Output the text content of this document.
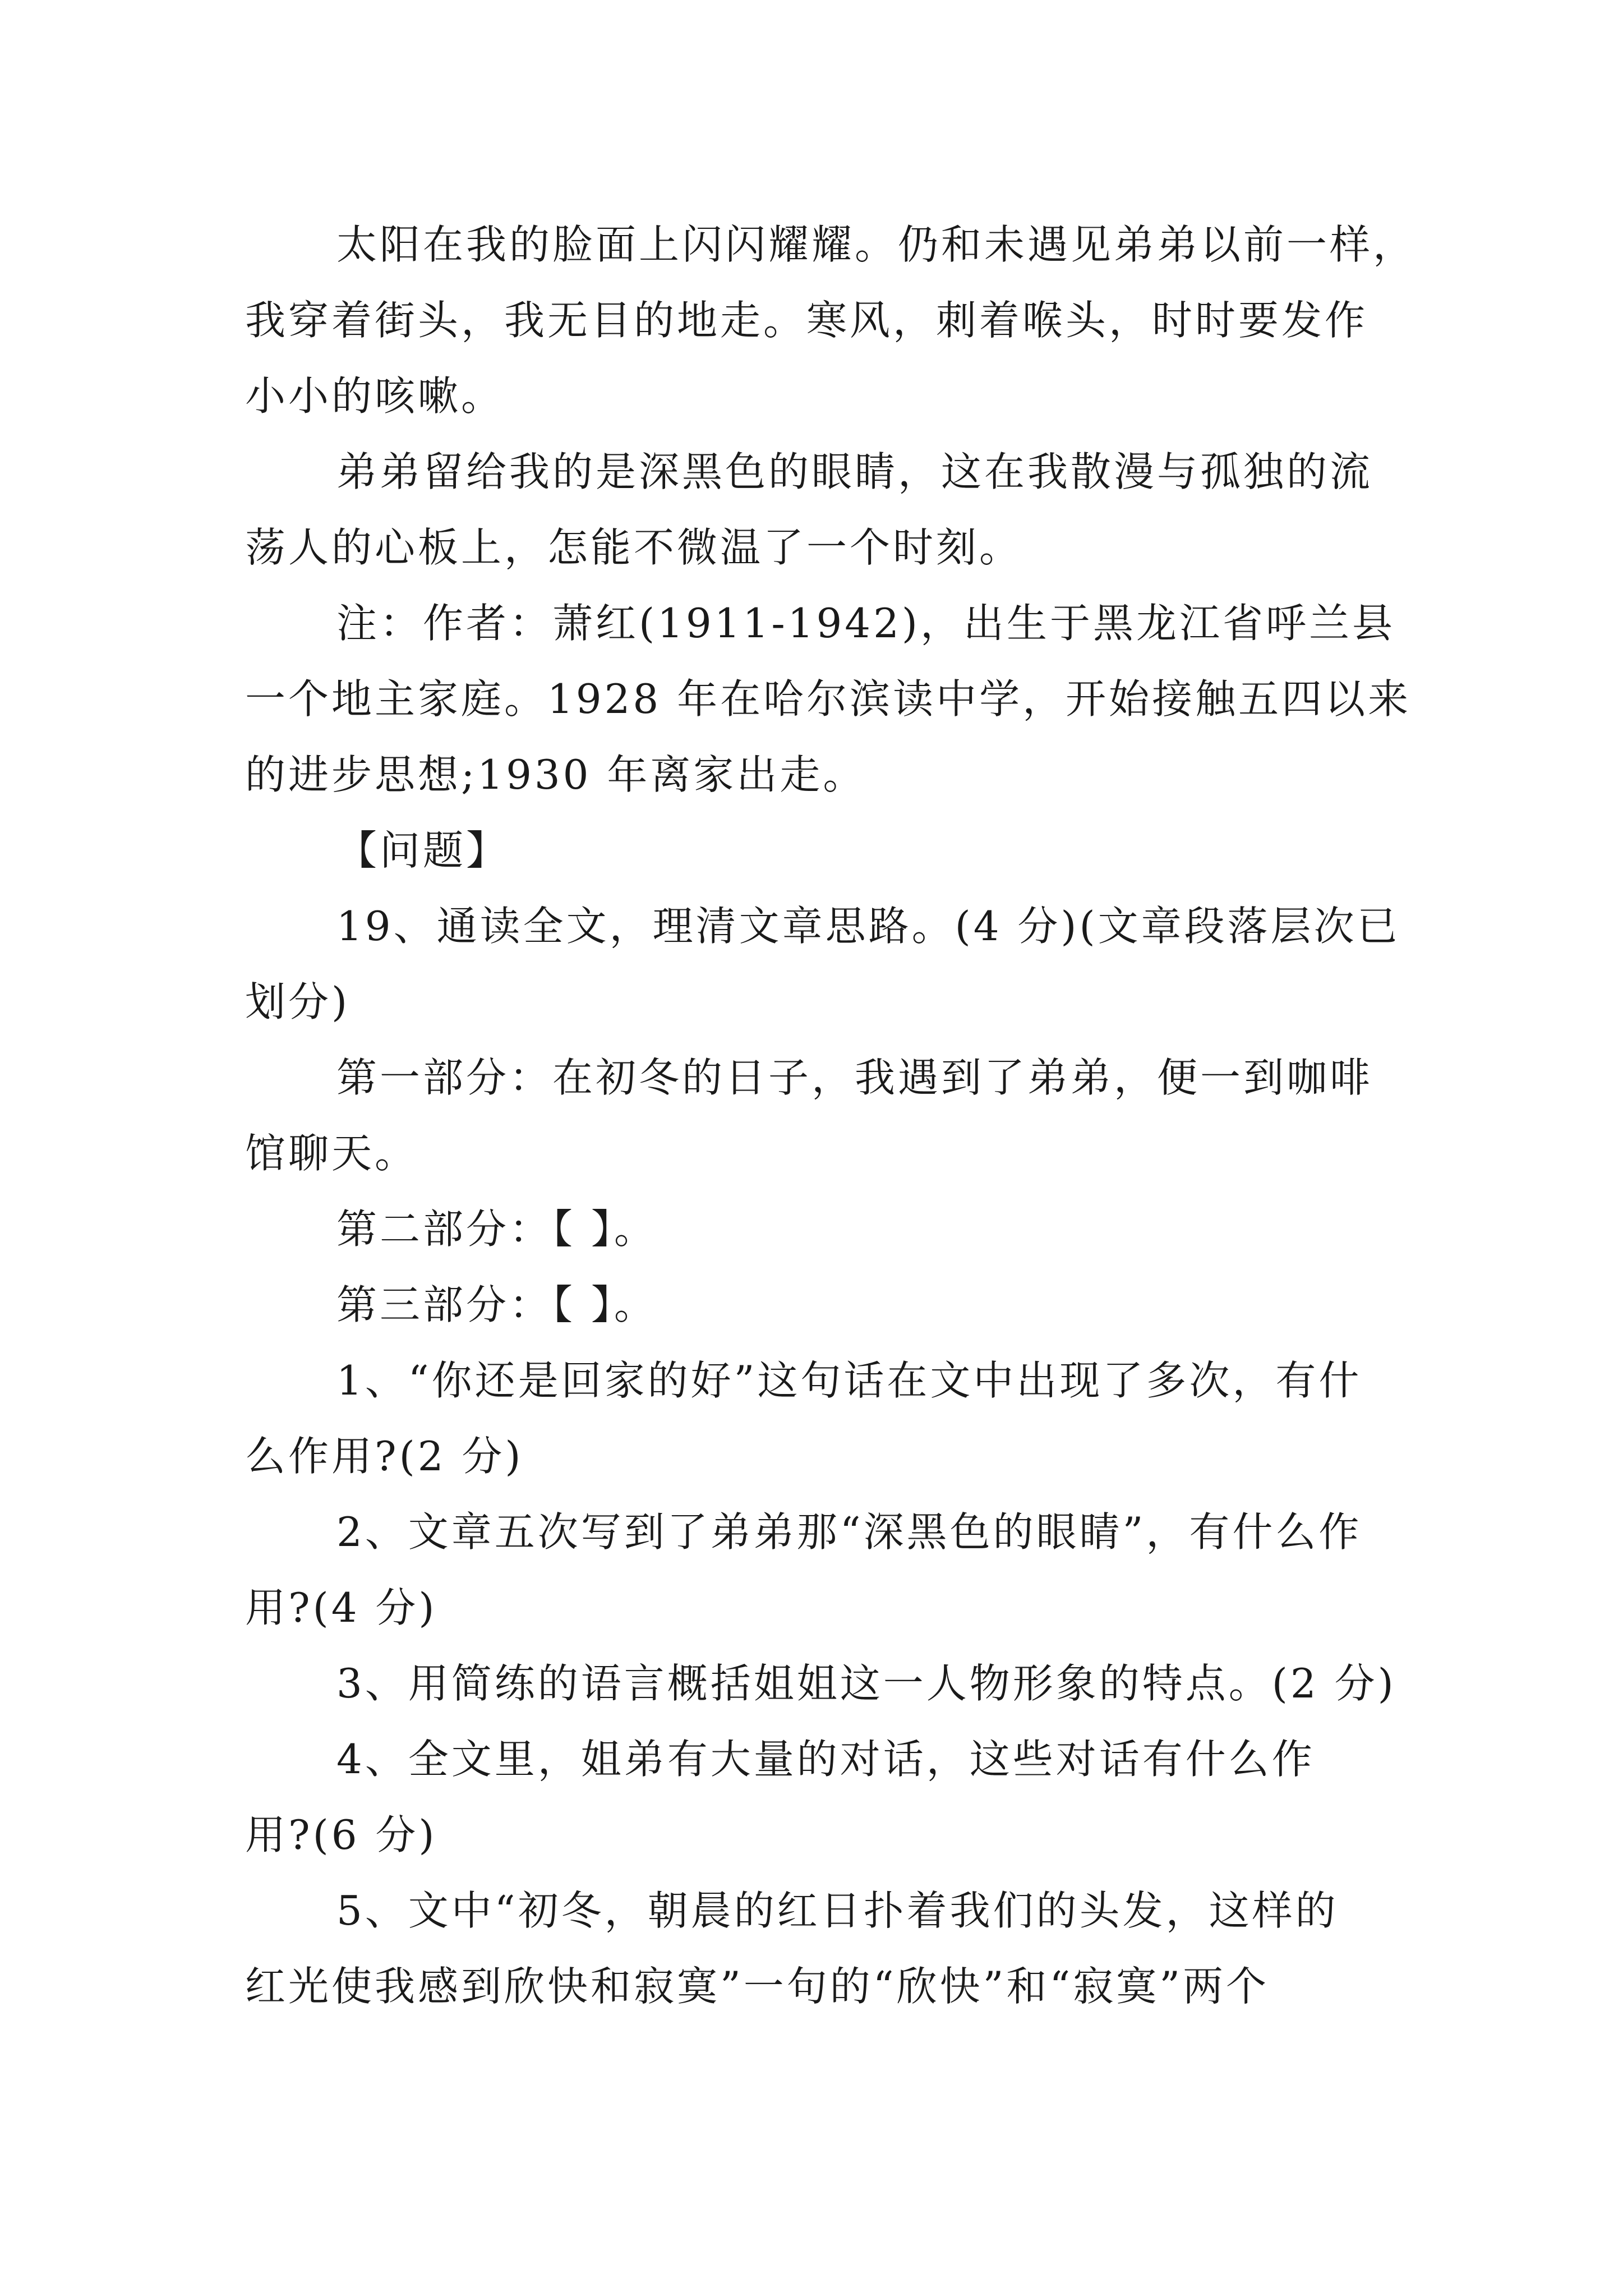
太阳在我的脸面上闪闪耀耀。仍和未遇见弟弟以前一样，
我穿着街头，我无目的地走。寒风，刺着喉头，时时要发作
小小的咳嗽。
弟弟留给我的是深黑色的眼睛，这在我散漫与孤独的流
荡人的心板上，怎能不微温了一个时刻。
注：作者：萧红(1911-1942)，出生于黑龙江省呼兰县
一个地主家庭。1928 年在哈尔滨读中学，开始接触五四以来
的进步思想;1930 年离家出走。
【问题】
19、通读全文，理清文章思路。(4 分)(文章段落层次已
划分)
第一部分：在初冬的日子，我遇到了弟弟，便一到咖啡
馆聊天。
第二部分：【 】。
第三部分：【 】。
1、“你还是回家的好”这句话在文中出现了多次，有什
么作用?(2 分)
2、文章五次写到了弟弟那“深黑色的眼睛”，有什么作
用?(4 分)
3、用简练的语言概括姐姐这一人物形象的特点。(2 分)
4、全文里，姐弟有大量的对话，这些对话有什么作
用?(6 分)
5、文中“初冬，朝晨的红日扑着我们的头发，这样的
红光使我感到欣快和寂寞”一句的“欣快”和“寂寞”两个
